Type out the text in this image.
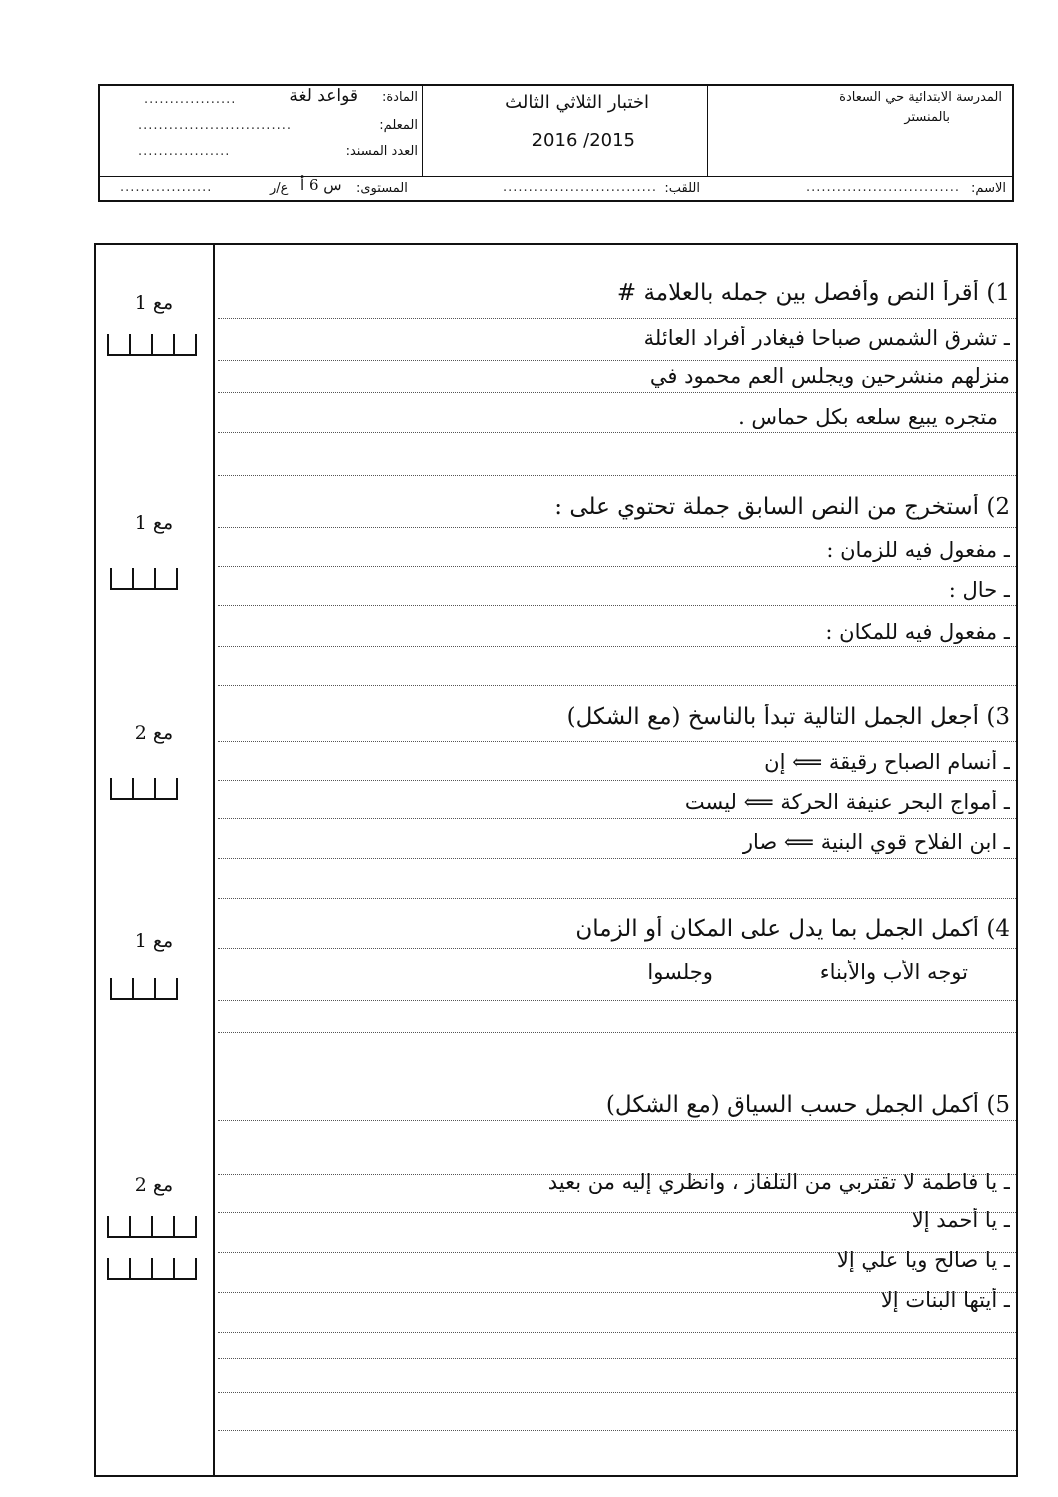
المدرسة الابتدائية حي السعادة
بالمنستر
اختبار الثلاثي الثالث
2016 /2015
المادة:
قواعد لغة
..................
المعلم:
..............................
العدد المسند:
..................
الاسم:
..............................
اللقب:
..............................
المستوى:
س 6 أ
..................	ع/ر
1) أقرأ النص وأفصل بين جمله بالعلامة #
ـ تشرق الشمس صباحا فيغادر أفراد العائلة
منزلهم منشرحين ويجلس العم محمود في
متجره يبيع سلعه بكل حماس .
مع 1
2) أستخرج من النص السابق جملة تحتوي على :
ـ مفعول فيه للزمان :
ـ حال :
ـ مفعول فيه للمكان :
مع 1
3) أجعل الجمل التالية تبدأ بالناسخ (مع الشكل)
ـ أنسام الصباح رقيقة ⟸ إن
ـ أمواج البحر عنيفة الحركة ⟸ ليست
ـ ابن الفلاح قوي البنية ⟸ صار
مع 2
4) أكمل الجمل بما يدل على المكان أو الزمان
توجه الأب والأبناء                وجلسوا
مع 1
5) أكمل الجمل حسب السياق (مع الشكل)
ـ يا فاطمة لا تقتربي من التلفاز ، وانظري إليه من بعيد
ـ يا أحمد إلا
ـ يا صالح ويا علي إلا
ـ أيتها البنات إلا
مع 2
